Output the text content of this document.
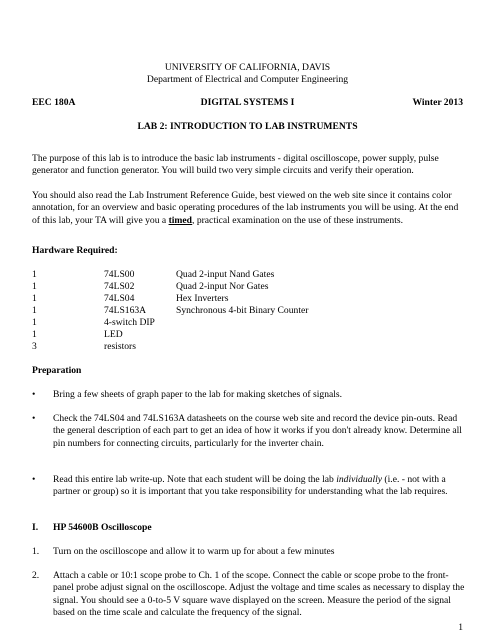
UNIVERSITY OF CALIFORNIA, DAVIS
Department of Electrical and Computer Engineering
EEC 180A	DIGITAL SYSTEMS I	Winter 2013
LAB 2: INTRODUCTION TO LAB INSTRUMENTS
The purpose of this lab is to introduce the basic lab instruments - digital oscilloscope, power supply, pulse generator and function generator. You will build two very simple circuits and verify their operation.
You should also read the Lab Instrument Reference Guide, best viewed on the web site since it contains color annotation, for an overview and basic operating procedures of the lab instruments you will be using. At the end of this lab, your TA will give you a timed, practical examination on the use of these instruments.
Hardware Required:
1	74LS00	Quad 2-input Nand Gates
1	74LS02	Quad 2-input Nor Gates
1	74LS04	Hex Inverters
1	74LS163A	Synchronous 4-bit Binary Counter
1	4-switch DIP
1	LED
3	resistors
Preparation
• Bring a few sheets of graph paper to the lab for making sketches of signals.
• Check the 74LS04 and 74LS163A datasheets on the course web site and record the device pin-outs. Read the general description of each part to get an idea of how it works if you don't already know. Determine all pin numbers for connecting circuits, particularly for the inverter chain.
• Read this entire lab write-up. Note that each student will be doing the lab individually (i.e. - not with a partner or group) so it is important that you take responsibility for understanding what the lab requires.
I. HP 54600B Oscilloscope
1. Turn on the oscilloscope and allow it to warm up for about a few minutes
2. Attach a cable or 10:1 scope probe to Ch. 1 of the scope. Connect the cable or scope probe to the front-panel probe adjust signal on the oscilloscope. Adjust the voltage and time scales as necessary to display the signal. You should see a 0-to-5 V square wave displayed on the screen. Measure the period of the signal based on the time scale and calculate the frequency of the signal.
1
